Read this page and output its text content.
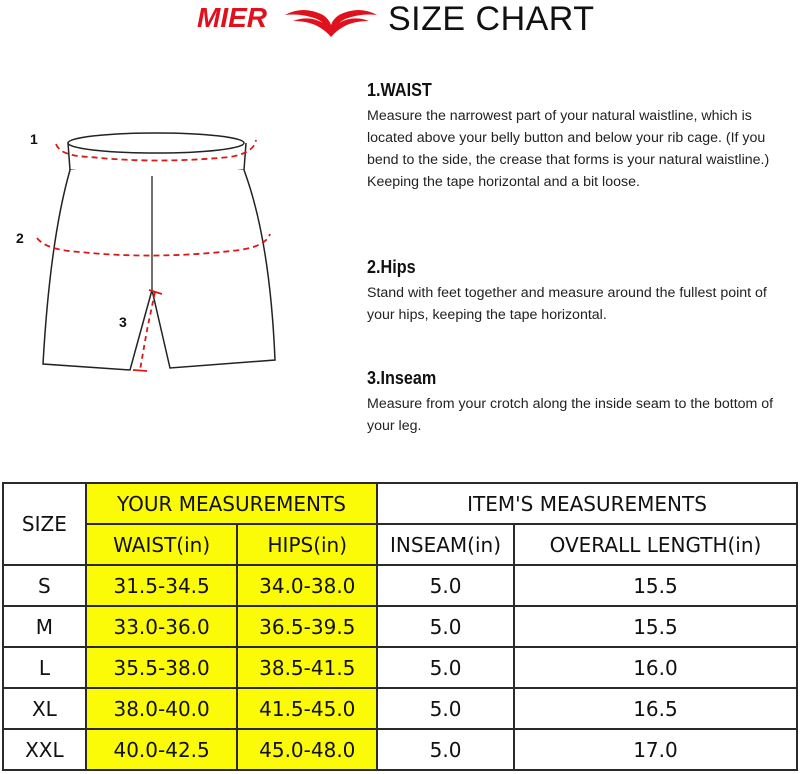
MIER	SIZE CHART
1
2
3
1.WAIST

Measure the narrowest part of your natural waistline, which is located above your belly button and below your rib cage. (If you bend to the side, the crease that forms is your natural waistline.) Keeping the tape horizontal and a bit loose.

2.Hips

Stand with feet together and measure around the fullest point of your hips, keeping the tape horizontal.

3.Inseam

Measure from your crotch along the inside seam to the bottom of your leg.

SIZE	YOUR MEASUREMENTS		ITEM'S MEASUREMENTS	
	WAIST(in)	HIPS(in)	INSEAM(in)	OVERALL LENGTH(in)
S	31.5-34.5	34.0-38.0	5.0	15.5
M	33.0-36.0	36.5-39.5	5.0	15.5
L	35.5-38.0	38.5-41.5	5.0	16.0
XL	38.0-40.0	41.5-45.0	5.0	16.5
XXL	40.0-42.5	45.0-48.0	5.0	17.0
